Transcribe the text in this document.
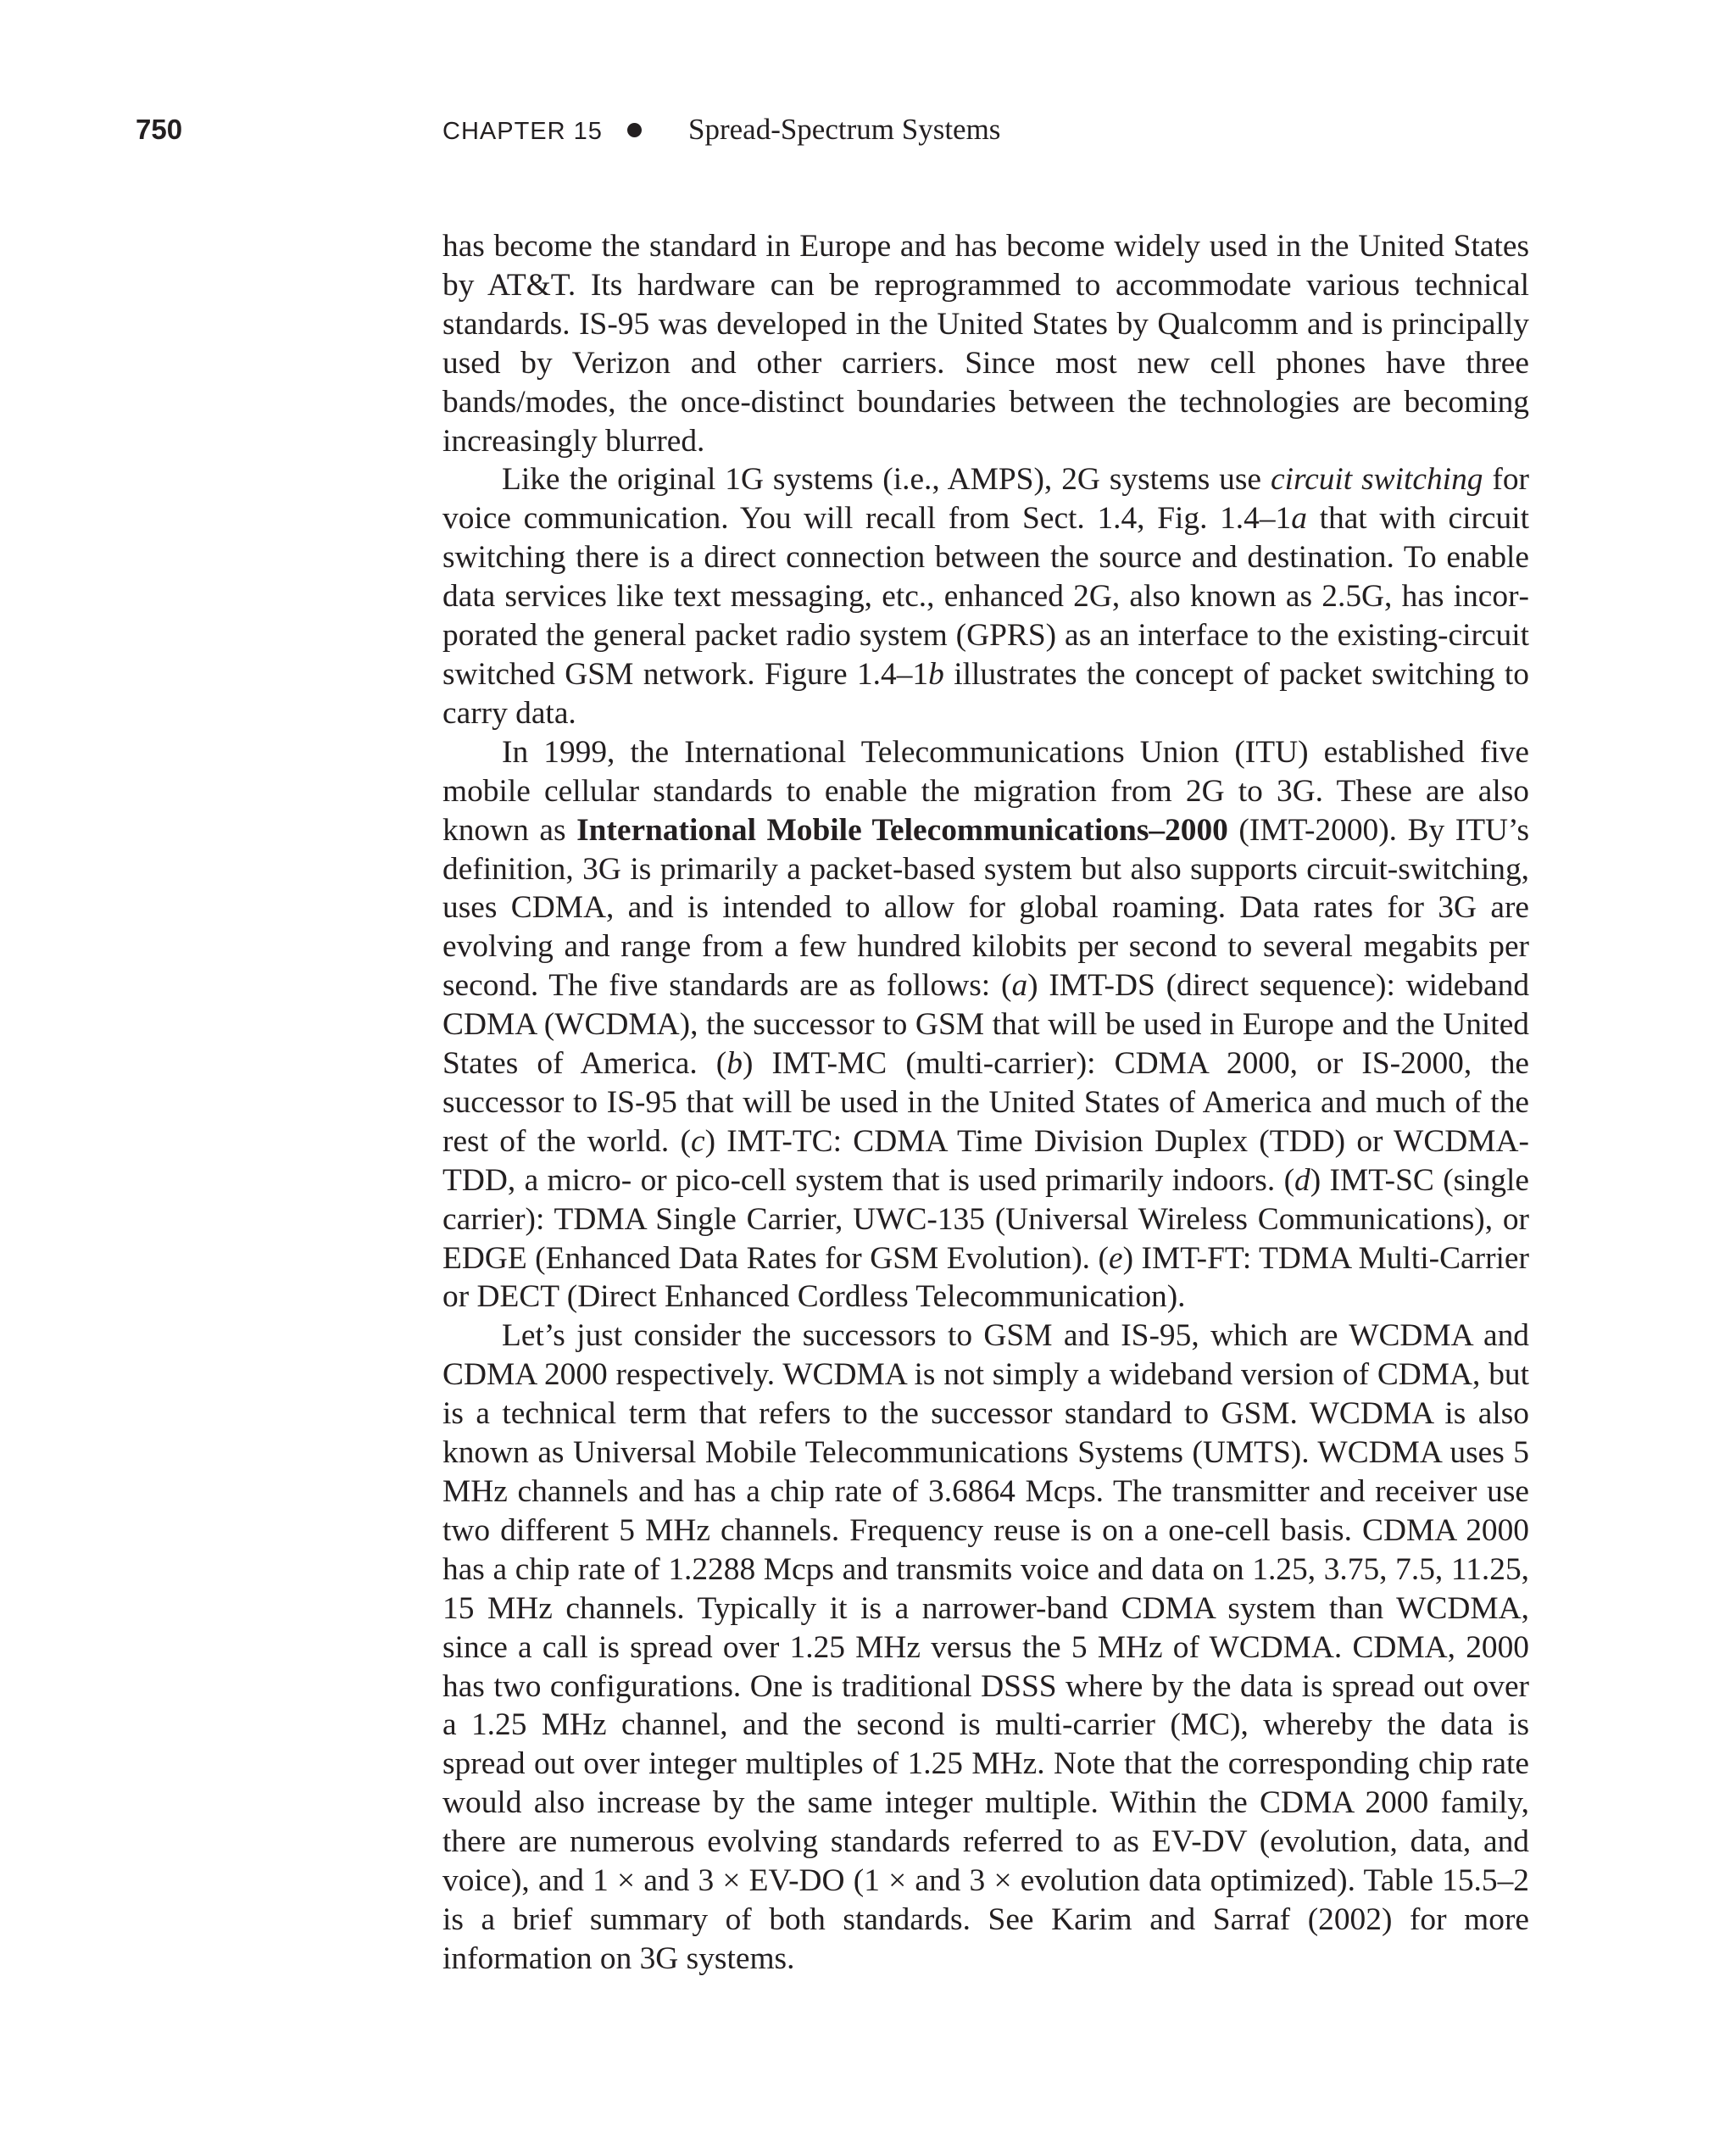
750	CHAPTER 15	Spread-Spectrum Systems

has become the standard in Europe and has become widely used in the United States by AT&T. Its hardware can be reprogrammed to accommodate various technical standards. IS-95 was developed in the United States by Qualcomm and is principally used by Verizon and other carriers. Since most new cell phones have three bands/modes, the once-distinct boundaries between the technologies are becoming increasingly blurred.

Like the original 1G systems (i.e., AMPS), 2G systems use circuit switching for voice communication. You will recall from Sect. 1.4, Fig. 1.4–1a that with circuit switching there is a direct connection between the source and destination. To enable data services like text messaging, etc., enhanced 2G, also known as 2.5G, has incorporated the general packet radio system (GPRS) as an interface to the existing-circuit switched GSM network. Figure 1.4–1b illustrates the concept of packet switching to carry data.

In 1999, the International Telecommunications Union (ITU) established five mobile cellular standards to enable the migration from 2G to 3G. These are also known as International Mobile Telecommunications–2000 (IMT-2000). By ITU’s definition, 3G is primarily a packet-based system but also supports circuit-switching, uses CDMA, and is intended to allow for global roaming. Data rates for 3G are evolving and range from a few hundred kilobits per second to several megabits per second. The five standards are as follows: (a) IMT-DS (direct sequence): wideband CDMA (WCDMA), the successor to GSM that will be used in Europe and the United States of America. (b) IMT-MC (multi-carrier): CDMA 2000, or IS-2000, the successor to IS-95 that will be used in the United States of America and much of the rest of the world. (c) IMT-TC: CDMA Time Division Duplex (TDD) or WCDMA-TDD, a micro- or pico-cell system that is used primarily indoors. (d) IMT-SC (single carrier): TDMA Single Carrier, UWC-135 (Universal Wireless Communications), or EDGE (Enhanced Data Rates for GSM Evolution). (e) IMT-FT: TDMA Multi-Carrier or DECT (Direct Enhanced Cordless Telecommunication).

Let’s just consider the successors to GSM and IS-95, which are WCDMA and CDMA 2000 respectively. WCDMA is not simply a wideband version of CDMA, but is a technical term that refers to the successor standard to GSM. WCDMA is also known as Universal Mobile Telecommunications Systems (UMTS). WCDMA uses 5 MHz channels and has a chip rate of 3.6864 Mcps. The transmitter and receiver use two different 5 MHz channels. Frequency reuse is on a one-cell basis. CDMA 2000 has a chip rate of 1.2288 Mcps and transmits voice and data on 1.25, 3.75, 7.5, 11.25, 15 MHz channels. Typically it is a narrower-band CDMA system than WCDMA, since a call is spread over 1.25 MHz versus the 5 MHz of WCDMA. CDMA, 2000 has two configurations. One is traditional DSSS where by the data is spread out over a 1.25 MHz channel, and the second is multi-carrier (MC), whereby the data is spread out over integer multiples of 1.25 MHz. Note that the corresponding chip rate would also increase by the same integer multiple. Within the CDMA 2000 family, there are numerous evolving standards referred to as EV-DV (evolution, data, and voice), and 1 × and 3 × EV-DO (1 × and 3 × evolution data optimized). Table 15.5–2 is a brief summary of both standards. See Karim and Sarraf (2002) for more information on 3G systems.
